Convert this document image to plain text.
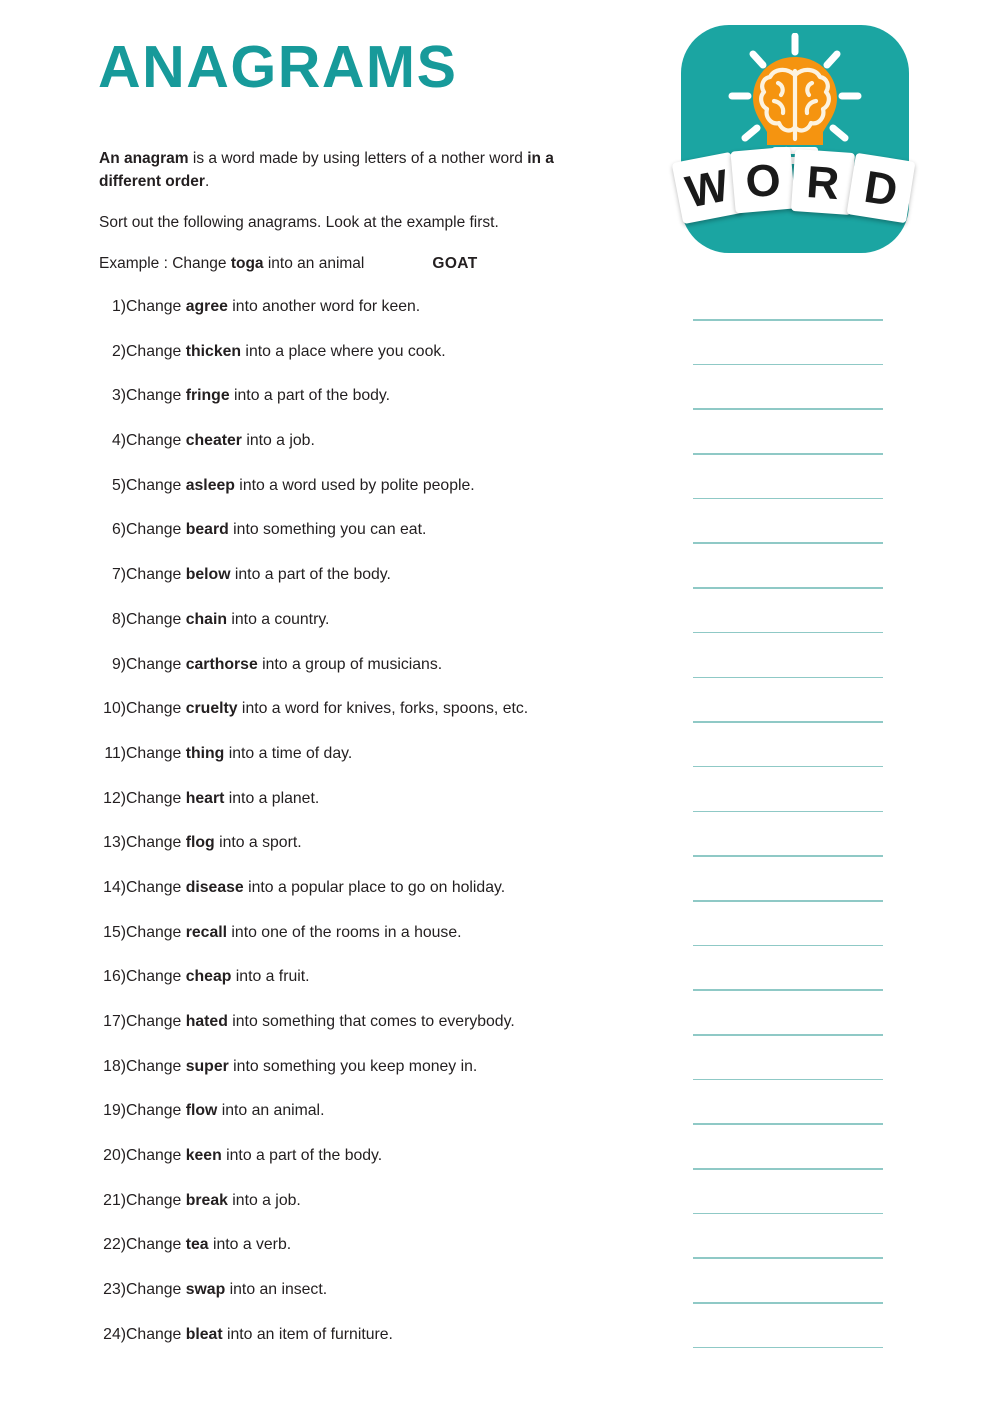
ANAGRAMS

An anagram is a word made by using letters of a nother word in a different order.

Sort out the following anagrams. Look at the example first.

Example : Change toga into an animal	GOAT
W O R D
1) Change agree into another word for keen.
2) Change thicken into a place where you cook.
3) Change fringe into a part of the body.
4) Change cheater into a job.
5) Change asleep into a word used by polite people.
6) Change beard into something you can eat.
7) Change below into a part of the body.
8) Change chain into a country.
9) Change carthorse into a group of musicians.
10) Change cruelty into a word for knives, forks, spoons, etc.
11) Change thing into a time of day.
12) Change heart into a planet.
13) Change flog into a sport.
14) Change disease into a popular place to go on holiday.
15) Change recall into one of the rooms in a house.
16) Change cheap into a fruit.
17) Change hated into something that comes to everybody.
18) Change super into something you keep money in.
19) Change flow into an animal.
20) Change keen into a part of the body.
21) Change break into a job.
22) Change tea into a verb.
23) Change swap into an insect.
24) Change bleat into an item of furniture.
